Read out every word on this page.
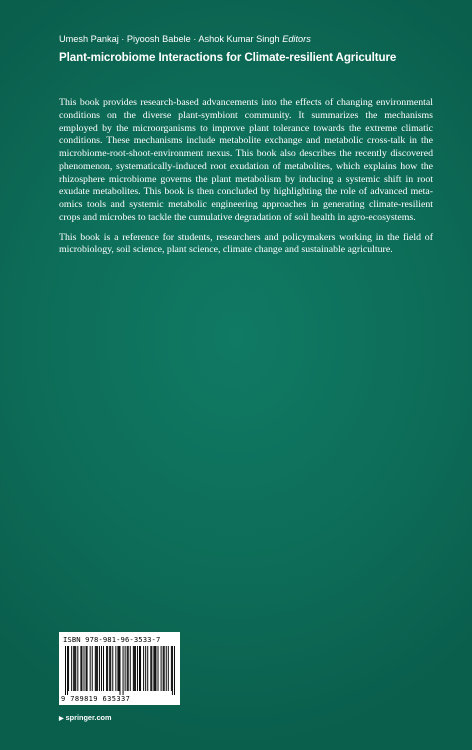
Umesh Pankaj · Piyoosh Babele · Ashok Kumar Singh Editors
Plant-microbiome Interactions for Climate-resilient Agriculture

This book provides research-based advancements into the effects of changing environmental conditions on the diverse plant-symbiont community. It summarizes the mechanisms employed by the microorganisms to improve plant tolerance towards the extreme climatic conditions. These mechanisms include metabolite exchange and metabolic cross-talk in the microbiome-root-shoot-environment nexus. This book also describes the recently discovered phenomenon, systematically-induced root exudation of metabolites, which explains how the rhizosphere microbiome governs the plant metabolism by inducing a systemic shift in root exudate metabolites. This book is then concluded by highlighting the role of advanced meta-omics tools and systemic metabolic engineering approaches in generating climate-resilient crops and microbes to tackle the cumulative degradation of soil health in agro-ecosystems.

This book is a reference for students, researchers and policymakers working in the field of microbiology, soil science, plant science, climate change and sustainable agriculture.

ISBN 978-981-96-3533-7
9 789819 635337
▶ springer.com
